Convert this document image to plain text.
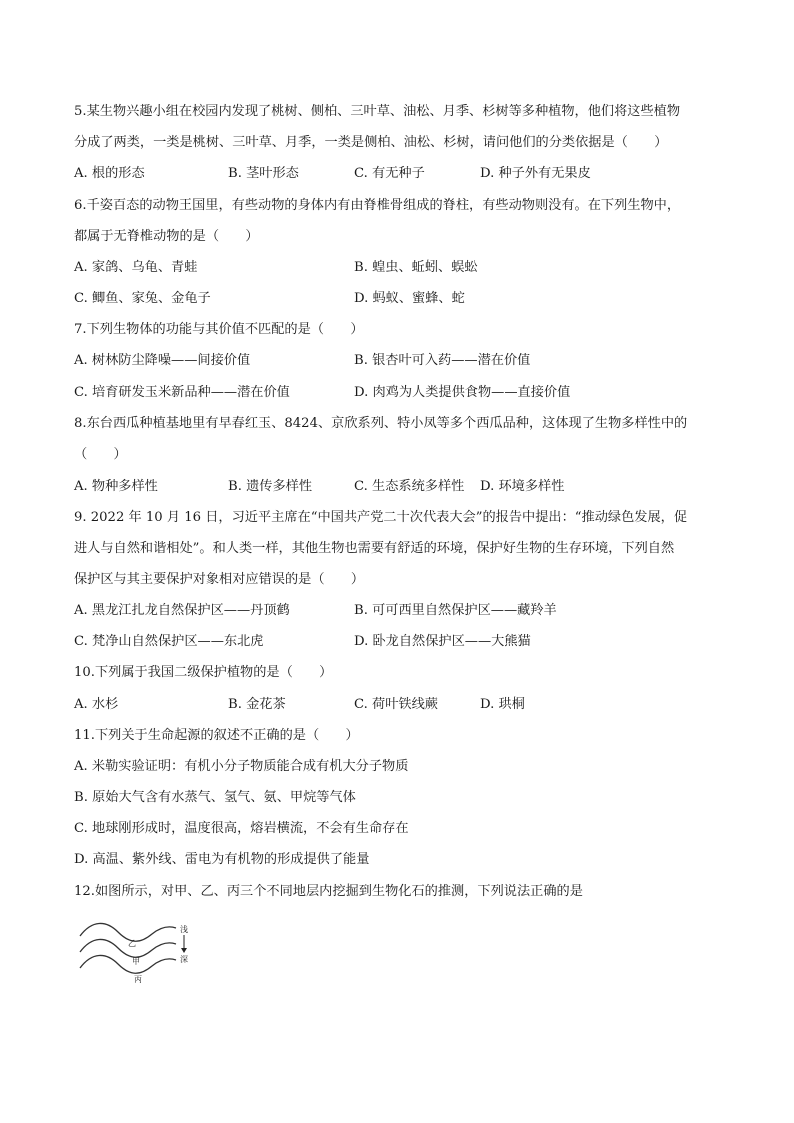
5.某生物兴趣小组在校园内发现了桃树、侧柏、三叶草、油松、月季、杉树等多种植物，他们将这些植物
分成了两类，一类是桃树、三叶草、月季，一类是侧柏、油松、杉树，请问他们的分类依据是（　　）
A. 根的形态	B. 茎叶形态	C. 有无种子	D. 种子外有无果皮
6.千姿百态的动物王国里，有些动物的身体内有由脊椎骨组成的脊柱，有些动物则没有。在下列生物中，
都属于无脊椎动物的是（　　）
A. 家鸽、乌龟、青蛙	B. 蝗虫、蚯蚓、蜈蚣
C. 鲫鱼、家兔、金龟子	D. 蚂蚁、蜜蜂、蛇
7.下列生物体的功能与其价值不匹配的是（　　）
A. 树林防尘降噪——间接价值	B. 银杏叶可入药——潜在价值
C. 培育研发玉米新品种——潜在价值	D. 肉鸡为人类提供食物——直接价值
8.东台西瓜种植基地里有早春红玉、8424、京欣系列、特小凤等多个西瓜品种，这体现了生物多样性中的
（　　）
A. 物种多样性	B. 遗传多样性	C. 生态系统多样性 D. 环境多样性
9. 2022 年 10 月 16 日，习近平主席在“中国共产党二十次代表大会”的报告中提出：“推动绿色发展，促
进人与自然和谐相处”。和人类一样，其他生物也需要有舒适的环境，保护好生物的生存环境，下列自然
保护区与其主要保护对象相对应错误的是（　　）
A. 黑龙江扎龙自然保护区——丹顶鹤	B. 可可西里自然保护区——藏羚羊
C. 梵净山自然保护区——东北虎	D. 卧龙自然保护区——大熊猫
10.下列属于我国二级保护植物的是（　　）
A. 水杉	B. 金花茶	C. 荷叶铁线蕨	D. 珙桐
11.下列关于生命起源的叙述不正确的是（　　）
A. 米勒实验证明：有机小分子物质能合成有机大分子物质
B. 原始大气含有水蒸气、氢气、氨、甲烷等气体
C. 地球刚形成时，温度很高，熔岩横流，不会有生命存在
D. 高温、紫外线、雷电为有机物的形成提供了能量
12.如图所示，对甲、乙、丙三个不同地层内挖掘到生物化石的推测，下列说法正确的是
乙
甲
丙
浅
深
